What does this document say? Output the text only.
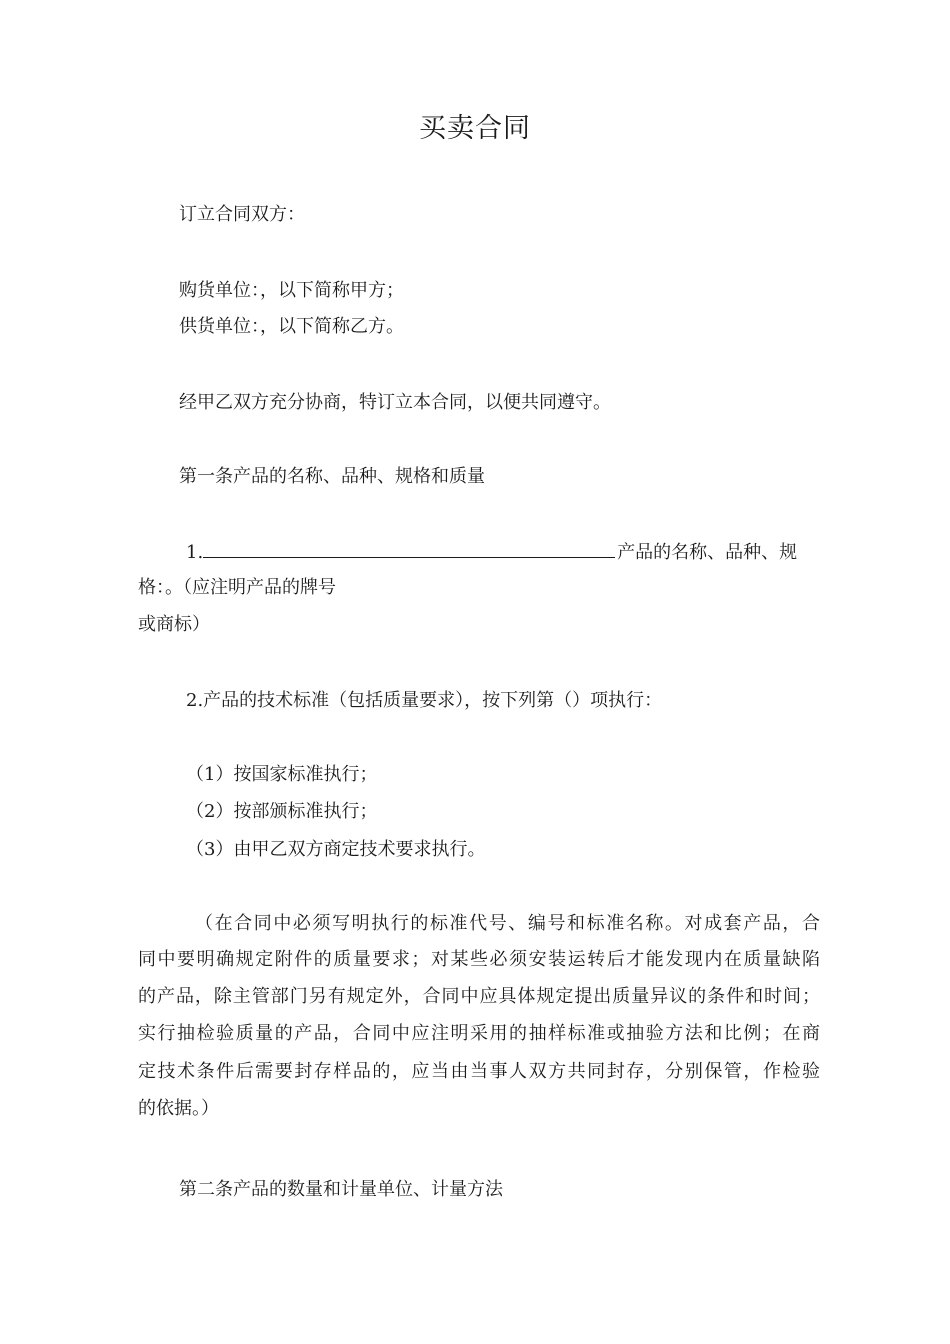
买卖合同

订立合同双方：

购货单位：，以下简称甲方；

供货单位：，以下简称乙方。

经甲乙双方充分协商，特订立本合同，以便共同遵守。

第一条产品的名称、品种、规格和质量

1.	产品的名称、品种、规

格：。（应注明产品的牌号

或商标）

2.产品的技术标准（包括质量要求），按下列第（）项执行：

（1）按国家标准执行；

（2）按部颁标准执行；

（3）由甲乙双方商定技术要求执行。

（在合同中必须写明执行的标准代号、编号和标准名称。对成套产品，合

同中要明确规定附件的质量要求；对某些必须安装运转后才能发现内在质量缺陷

的产品，除主管部门另有规定外，合同中应具体规定提出质量异议的条件和时间；

实行抽检验质量的产品，合同中应注明采用的抽样标准或抽验方法和比例；在商

定技术条件后需要封存样品的，应当由当事人双方共同封存，分别保管，作检验

的依据。）

第二条产品的数量和计量单位、计量方法
